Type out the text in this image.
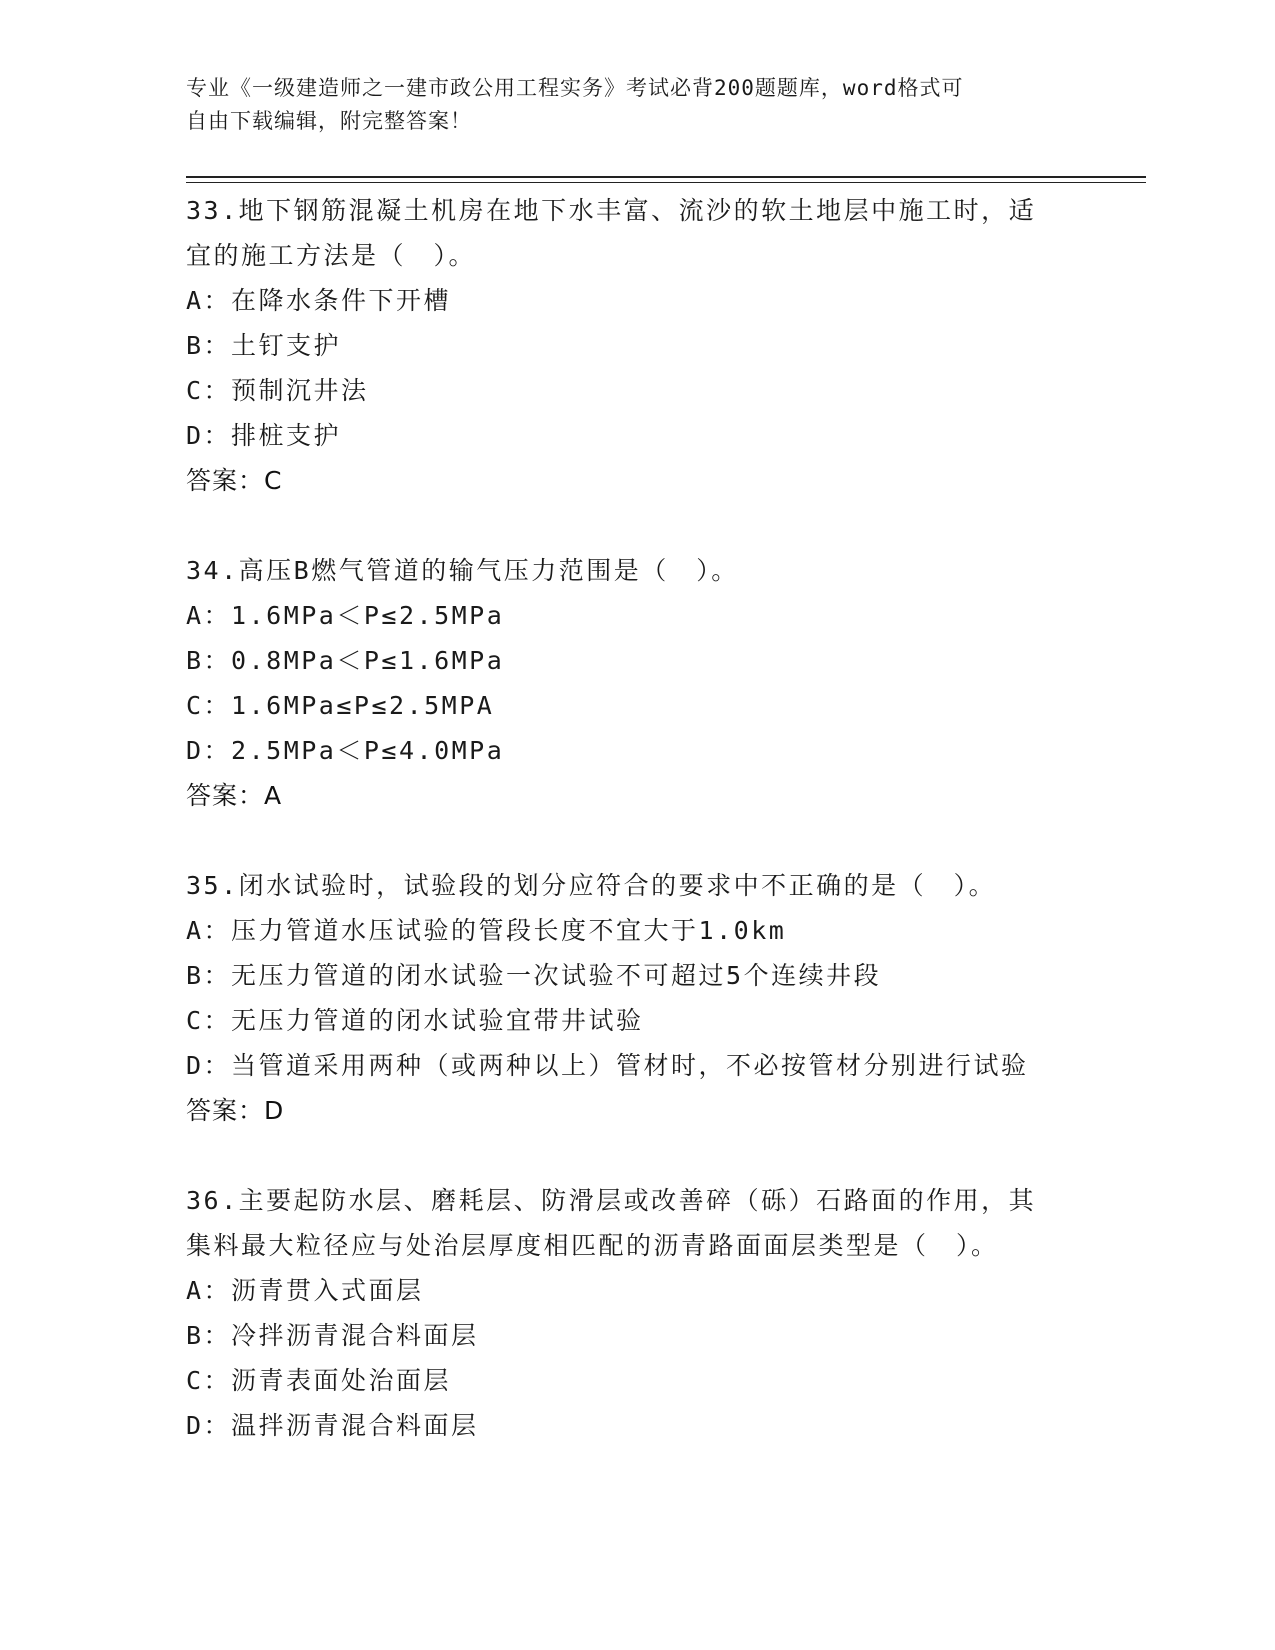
专业《一级建造师之一建市政公用工程实务》考试必背200题题库，word格式可
自由下载编辑，附完整答案！

33.地下钢筋混凝土机房在地下水丰富、流沙的软土地层中施工时，适

宜的施工方法是（　）。

A：在降水条件下开槽

B：土钉支护

C：预制沉井法

D：排桩支护

答案：C

34.高压B燃气管道的输气压力范围是（　）。

A：1.6MPa＜P≤2.5MPa

B：0.8MPa＜P≤1.6MPa

C：1.6MPa≤P≤2.5MPA

D：2.5MPa＜P≤4.0MPa

答案：A

35.闭水试验时，试验段的划分应符合的要求中不正确的是（　）。

A：压力管道水压试验的管段长度不宜大于1.0km

B：无压力管道的闭水试验一次试验不可超过5个连续井段

C：无压力管道的闭水试验宜带井试验

D：当管道采用两种（或两种以上）管材时，不必按管材分别进行试验

答案：D

36.主要起防水层、磨耗层、防滑层或改善碎（砾）石路面的作用，其

集料最大粒径应与处治层厚度相匹配的沥青路面面层类型是（　）。

A：沥青贯入式面层

B：冷拌沥青混合料面层

C：沥青表面处治面层

D：温拌沥青混合料面层
